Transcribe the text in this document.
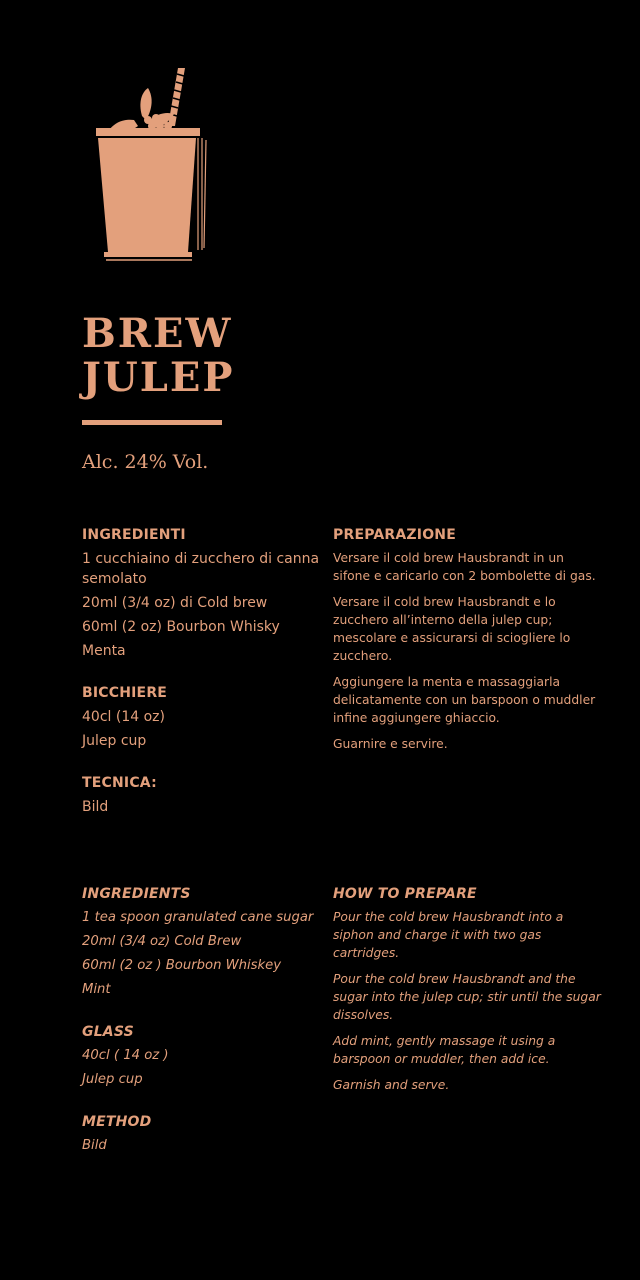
BREW
JULEP
Alc. 24% Vol.
INGREDIENTI
1 cucchiaino di zucchero di canna semolato
20ml (3/4 oz) di Cold brew
60ml (2 oz) Bourbon Whisky
Menta
BICCHIERE
40cl (14 oz)
Julep cup
TECNICA:
Bild
PREPARAZIONE
Versare il cold brew Hausbrandt in un sifone e caricarlo con 2 bombolette di gas.
Versare il cold brew Hausbrandt e lo zucchero all’interno della julep cup; mescolare e assicurarsi di sciogliere lo zucchero.
Aggiungere la menta e massaggiarla delicatamente con un barspoon o muddler infine aggiungere ghiaccio.
Guarnire e servire.
INGREDIENTS
1 tea spoon granulated cane sugar
20ml (3/4 oz) Cold Brew
60ml (2 oz ) Bourbon Whiskey
Mint
GLASS
40cl ( 14 oz )
Julep cup
METHOD
Bild
HOW TO PREPARE
Pour the cold brew Hausbrandt into a siphon and charge it with two gas cartridges.
Pour the cold brew Hausbrandt and the sugar into the julep cup; stir until the sugar dissolves.
Add mint, gently massage it using a barspoon or muddler, then add ice.
Garnish and serve.
